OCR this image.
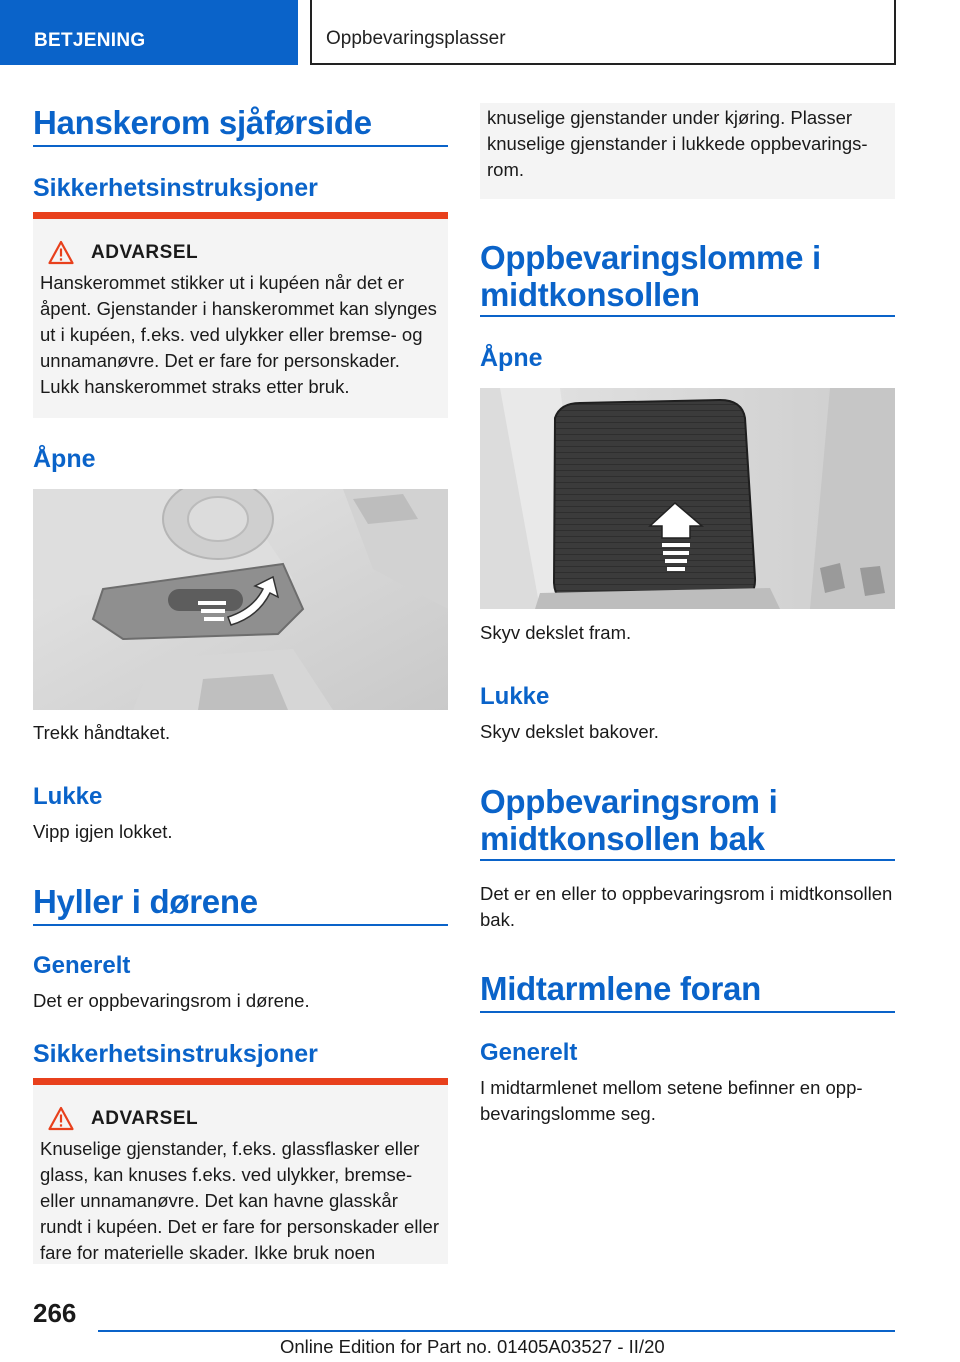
BETJENING	Oppbevaringsplasser
Hanskerom sjåførside
Sikkerhetsinstruksjoner
ADVARSEL
Hanskerommet stikker ut i kupéen når det er åpent. Gjenstander i hanskerommet kan slynges ut i kupéen, f.eks. ved ulykker eller bremse- og unnamanøvre. Det er fare for personskader. Lukk hanskerommet straks etter bruk.
Åpne
Trekk håndtaket.
Lukke
Vipp igjen lokket.
Hyller i dørene
Generelt
Det er oppbevaringsrom i dørene.
Sikkerhetsinstruksjoner
ADVARSEL
Knuselige gjenstander, f.eks. glassflasker eller glass, kan knuses f.eks. ved ulykker, bremse- eller unnamanøvre. Det kan havne glasskår rundt i kupéen. Det er fare for personskader eller fare for materielle skader. Ikke bruk noen
knuselige gjenstander under kjøring. Plasser knuselige gjenstander i lukkede oppbevaringsrom.
Oppbevaringslomme i midtkonsollen
Åpne
Skyv dekslet fram.
Lukke
Skyv dekslet bakover.
Oppbevaringsrom i midtkonsollen bak
Det er en eller to oppbevaringsrom i midtkonsollen bak.
Midtarmlene foran
Generelt
I midtarmlenet mellom setene befinner en oppbevaringslomme seg.
266
Online Edition for Part no. 01405A03527 - II/20
